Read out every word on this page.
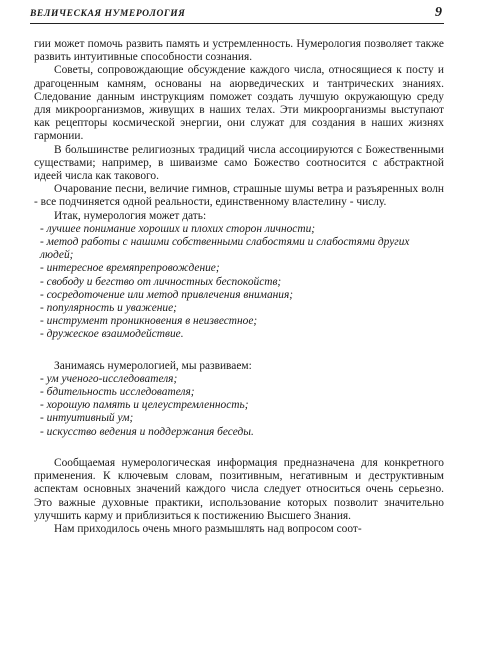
ВЕЛИЧЕСКАЯ НУМЕРОЛОГИЯ	9

гии может помочь развить память и устремленность. Нумерология позволяет также развить интуитивные способности сознания.

Советы, сопровождающие обсуждение каждого числа, относящиеся к посту и драгоценным камням, основаны на аюрведических и тантрических знаниях. Следование данным инструкциям поможет создать лучшую окружающую среду для микроорганизмов, живущих в наших телах. Эти микроорганизмы выступают как рецепторы космической энергии, они служат для создания в наших жизнях гармонии.

В большинстве религиозных традиций числа ассоциируются с Божественными существами; например, в шиваизме само Божество соотносится с абстрактной идеей числа как такового.

Очарование песни, величие гимнов, страшные шумы ветра и разъяренных волн - все подчиняется одной реальности, единственному властелину - числу.

Итак, нумерология может дать:

- лучшее понимание хороших и плохих сторон личности;
- метод работы с нашими собственными слабостями и слабостями других людей;
- интересное времяпрепровождение;
- свободу и бегство от личностных беспокойств;
- сосредоточение или метод привлечения внимания;
- популярность и уважение;
- инструмент проникновения в неизвестное;
- дружеское взаимодействие.

Занимаясь нумерологией, мы развиваем:

- ум ученого-исследователя;
- бдительность исследователя;
- хорошую память и целеустремленность;
- интуитивный ум;
- искусство ведения и поддержания беседы.

Сообщаемая нумерологическая информация предназначена для конкретного применения. К ключевым словам, позитивным, негативным и деструктивным аспектам основных значений каждого числа следует относиться очень серьезно. Это важные духовные практики, использование которых позволит значительно улучшить карму и приблизиться к постижению Высшего Знания.

Нам приходилось очень много размышлять над вопросом соот-
